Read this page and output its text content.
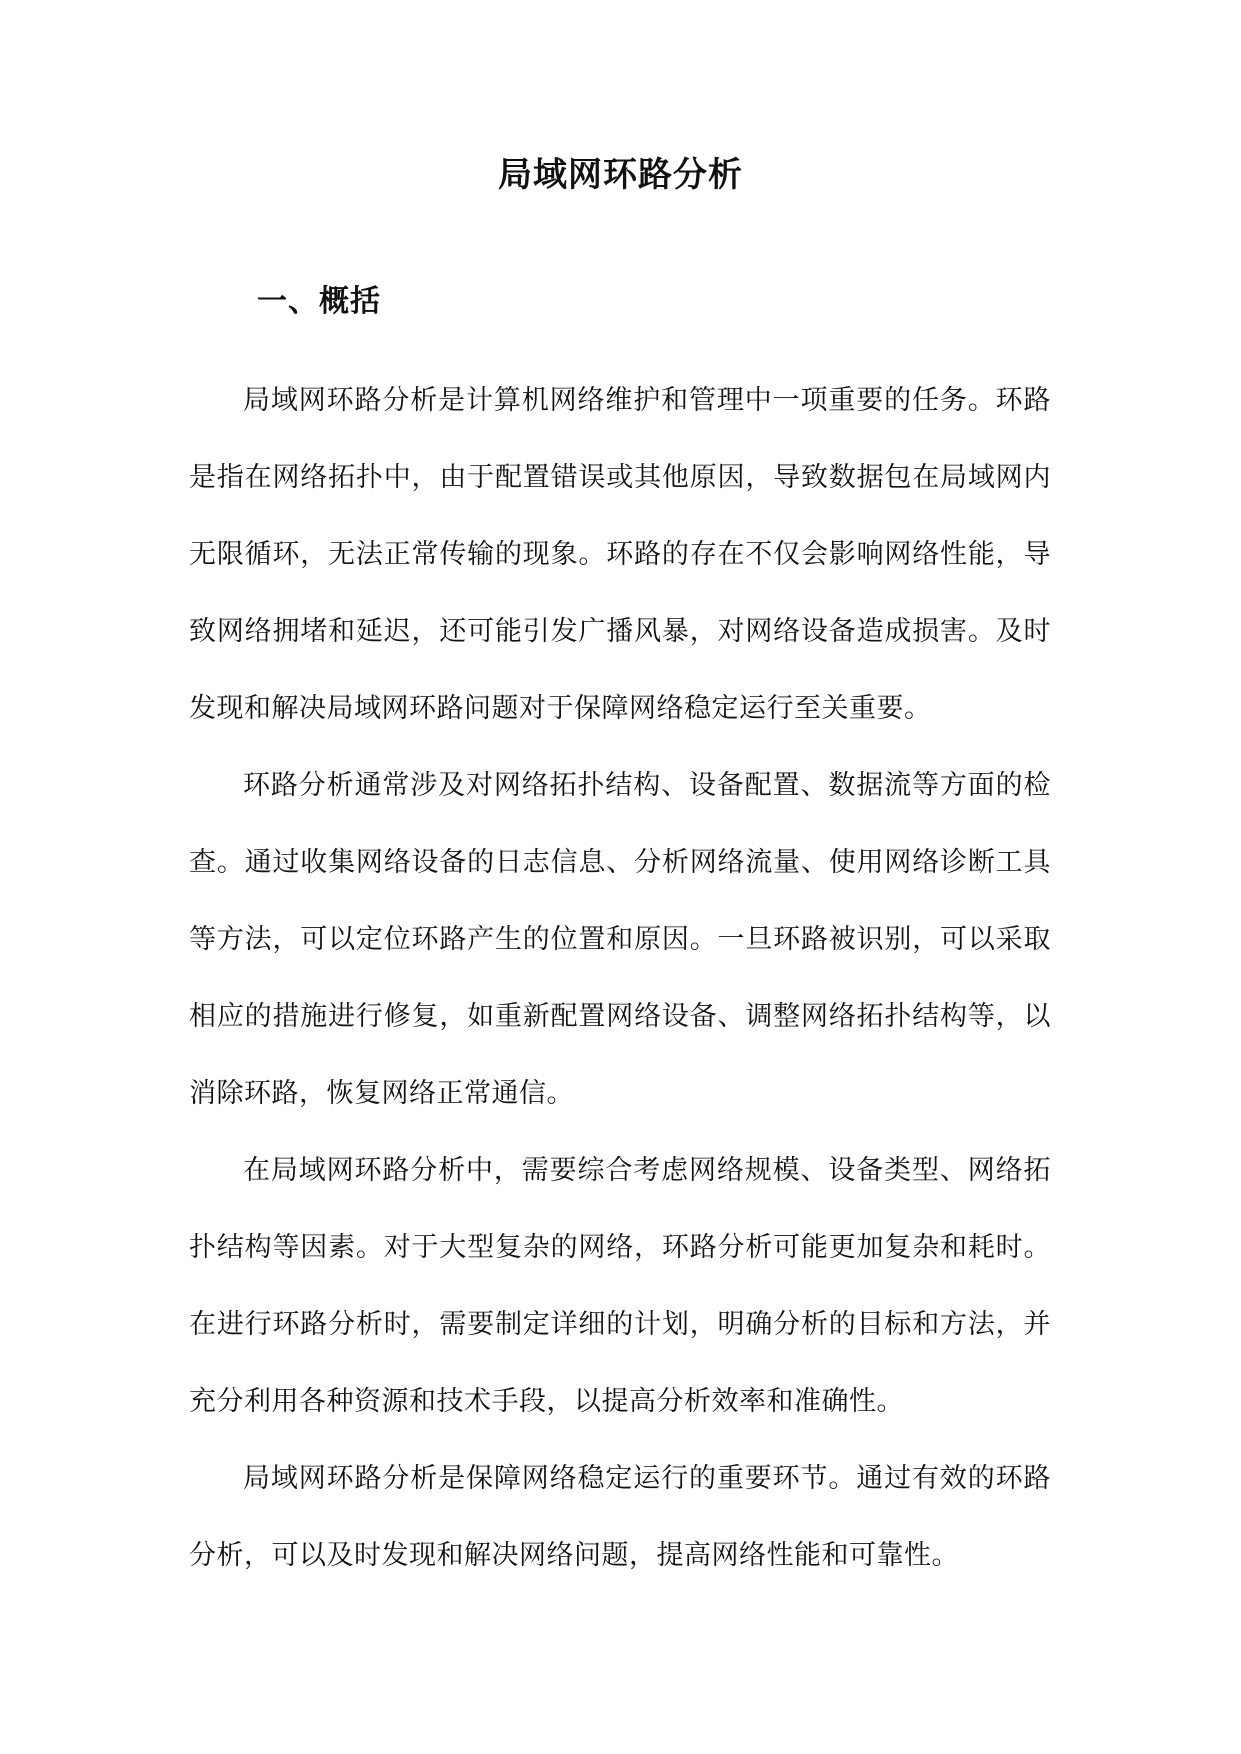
局域网环路分析
一、概括

局域网环路分析是计算机网络维护和管理中一项重要的任务。环路是指在网络拓扑中，由于配置错误或其他原因，导致数据包在局域网内无限循环，无法正常传输的现象。环路的存在不仅会影响网络性能，导致网络拥堵和延迟，还可能引发广播风暴，对网络设备造成损害。及时发现和解决局域网环路问题对于保障网络稳定运行至关重要。

环路分析通常涉及对网络拓扑结构、设备配置、数据流等方面的检查。通过收集网络设备的日志信息、分析网络流量、使用网络诊断工具等方法，可以定位环路产生的位置和原因。一旦环路被识别，可以采取相应的措施进行修复，如重新配置网络设备、调整网络拓扑结构等，以消除环路，恢复网络正常通信。

在局域网环路分析中，需要综合考虑网络规模、设备类型、网络拓扑结构等因素。对于大型复杂的网络，环路分析可能更加复杂和耗时。在进行环路分析时，需要制定详细的计划，明确分析的目标和方法，并充分利用各种资源和技术手段，以提高分析效率和准确性。

局域网环路分析是保障网络稳定运行的重要环节。通过有效的环路分析，可以及时发现和解决网络问题，提高网络性能和可靠性。
